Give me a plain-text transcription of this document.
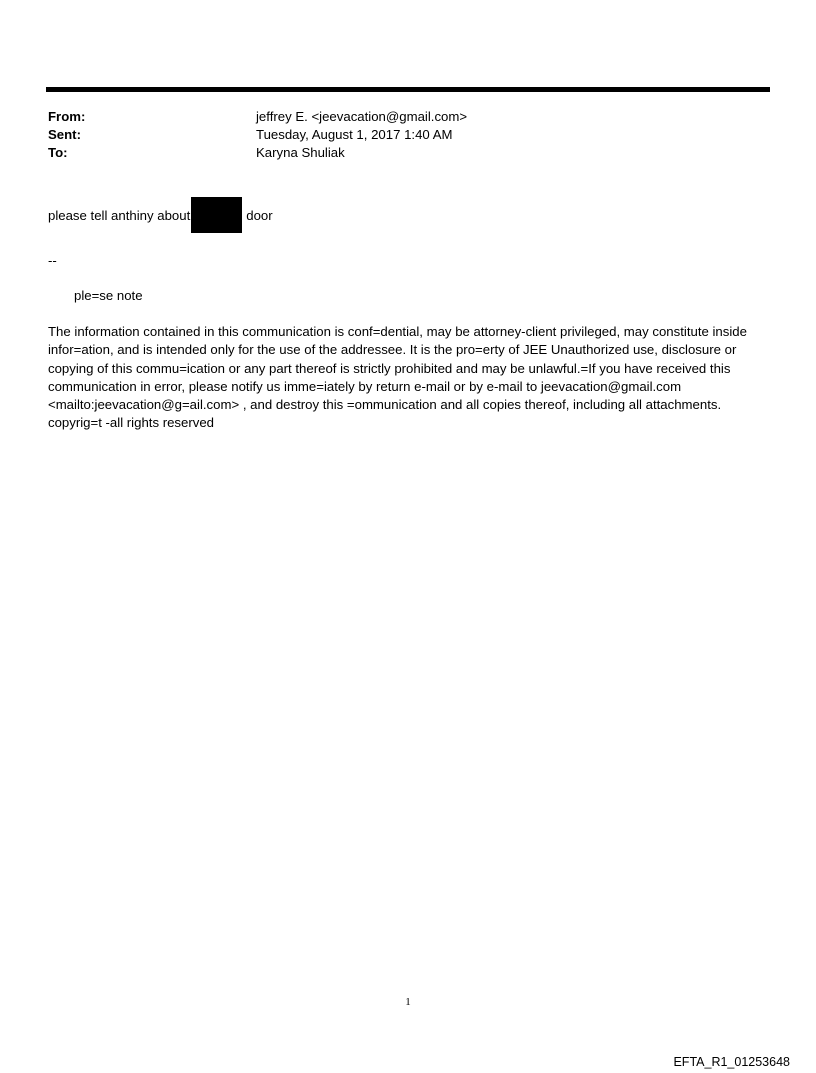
From:	jeffrey E. <jeevacation@gmail.com>
Sent:	Tuesday, August 1, 2017 1:40 AM
To:	Karyna Shuliak
please tell anthiny about	door
--
ple=se note
The information contained in this communication is conf=dential, may be attorney-client privileged, may constitute inside infor=ation, and is intended only for the use of the addressee. It is the pro=erty of JEE Unauthorized use, disclosure or copying of this commu=ication or any part thereof is strictly prohibited and may be unlawful.=If you have received this communication in error, please notify us imme=iately by return e-mail or by e-mail to jeevacation@gmail.com <mailto:jeevacation@g=ail.com> , and destroy this =ommunication and all copies thereof, including all attachments. copyrig=t -all rights reserved
1
EFTA_R1_01253648
